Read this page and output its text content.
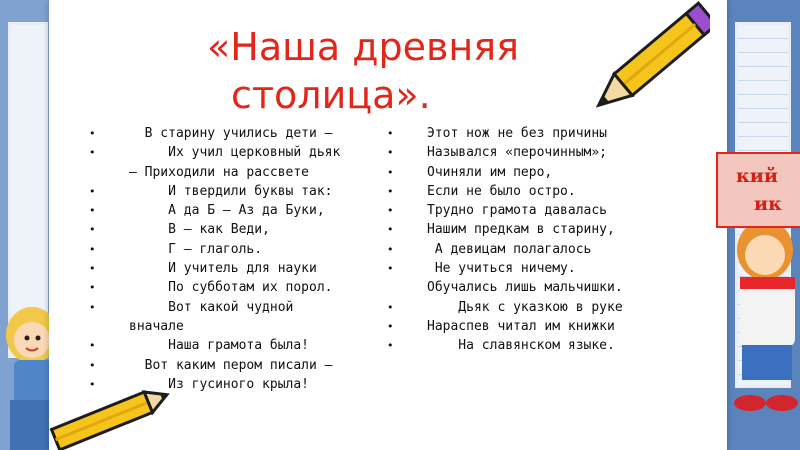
«Наша древняя
столица».
•	В старину учились дети –
•	Их учил церковный дьяк
– Приходили на рассвете
•	И твердили буквы так:
•	А да Б – Аз да Буки,
•	В – как Веди,
•	Г – глаголь.
•	И учитель для науки
•	По субботам их порол.
•	Вот какой чудной
вначале
•	Наша грамота была!
•	Вот каким пером писали –
•	Из гусиного крыла!
•	Этот нож не без причины
•	Назывался «перочинным»;
•	Очиняли им перо,
•	Если не было остро.
•	Трудно грамота давалась
•	Нашим предкам в старину,
•	А девицам полагалось
•	Не учиться ничему.
Обучались лишь мальчишки.
•	Дьяк с указкою в руке
•	Нараспев читал им книжки
•	На славянском языке.
кий
ик
